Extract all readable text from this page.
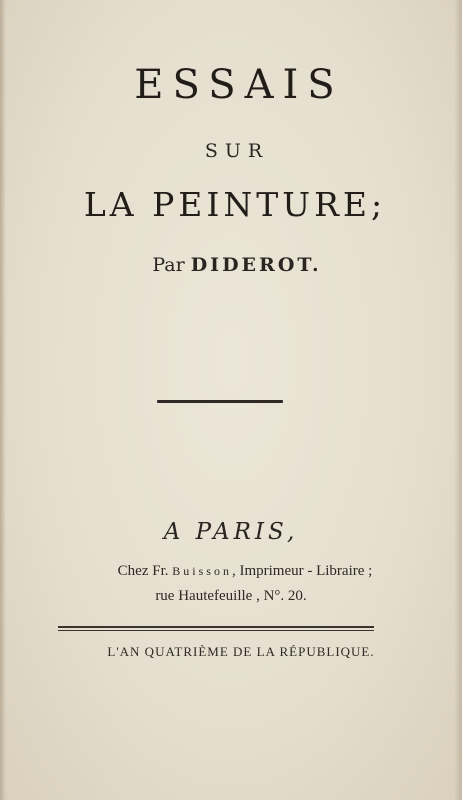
ESSAIS
SUR
LA PEINTURE;
Par DIDEROT.
A PARIS,
Chez Fr. Buisson, Imprimeur - Libraire ;
rue Hautefeuille , N°. 20.
L'AN QUATRIÈME DE LA RÉPUBLIQUE.
